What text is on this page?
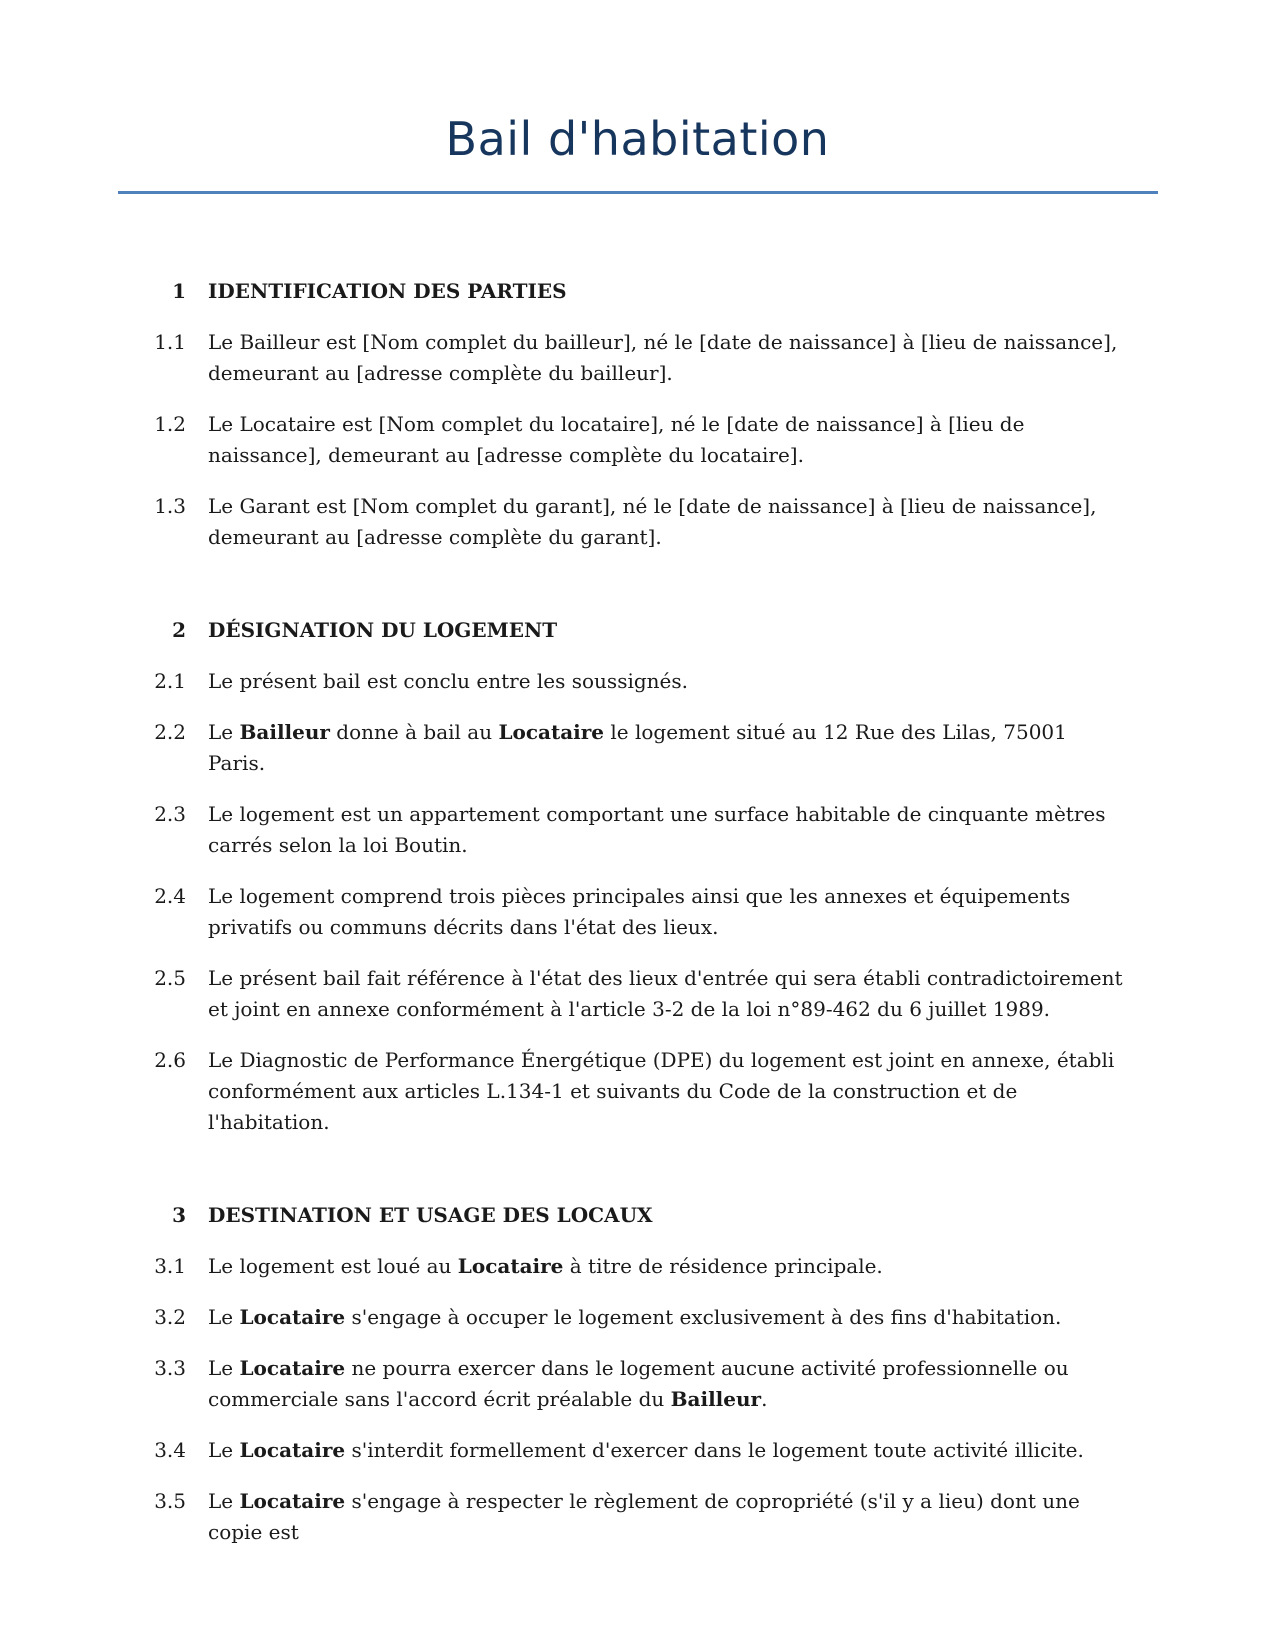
Bail d'habitation
1	IDENTIFICATION DES PARTIES
1.1	Le Bailleur est [Nom complet du bailleur], né le [date de naissance] à [lieu de naissance], demeurant au [adresse complète du bailleur].
1.2	Le Locataire est [Nom complet du locataire], né le [date de naissance] à [lieu de naissance], demeurant au [adresse complète du locataire].
1.3	Le Garant est [Nom complet du garant], né le [date de naissance] à [lieu de naissance], demeurant au [adresse complète du garant].
2	DÉSIGNATION DU LOGEMENT
2.1	Le présent bail est conclu entre les soussignés.
2.2	Le Bailleur donne à bail au Locataire le logement situé au 12 Rue des Lilas, 75001 Paris.
2.3	Le logement est un appartement comportant une surface habitable de cinquante mètres carrés selon la loi Boutin.
2.4	Le logement comprend trois pièces principales ainsi que les annexes et équipements privatifs ou communs décrits dans l'état des lieux.
2.5	Le présent bail fait référence à l'état des lieux d'entrée qui sera établi contradictoirement et joint en annexe conformément à l'article 3-2 de la loi n°89-462 du 6 juillet 1989.
2.6	Le Diagnostic de Performance Énergétique (DPE) du logement est joint en annexe, établi conformément aux articles L.134-1 et suivants du Code de la construction et de l'habitation.
3	DESTINATION ET USAGE DES LOCAUX
3.1	Le logement est loué au Locataire à titre de résidence principale.
3.2	Le Locataire s'engage à occuper le logement exclusivement à des fins d'habitation.
3.3	Le Locataire ne pourra exercer dans le logement aucune activité professionnelle ou commerciale sans l'accord écrit préalable du Bailleur.
3.4	Le Locataire s'interdit formellement d'exercer dans le logement toute activité illicite.
3.5	Le Locataire s'engage à respecter le règlement de copropriété (s'il y a lieu) dont une copie est
